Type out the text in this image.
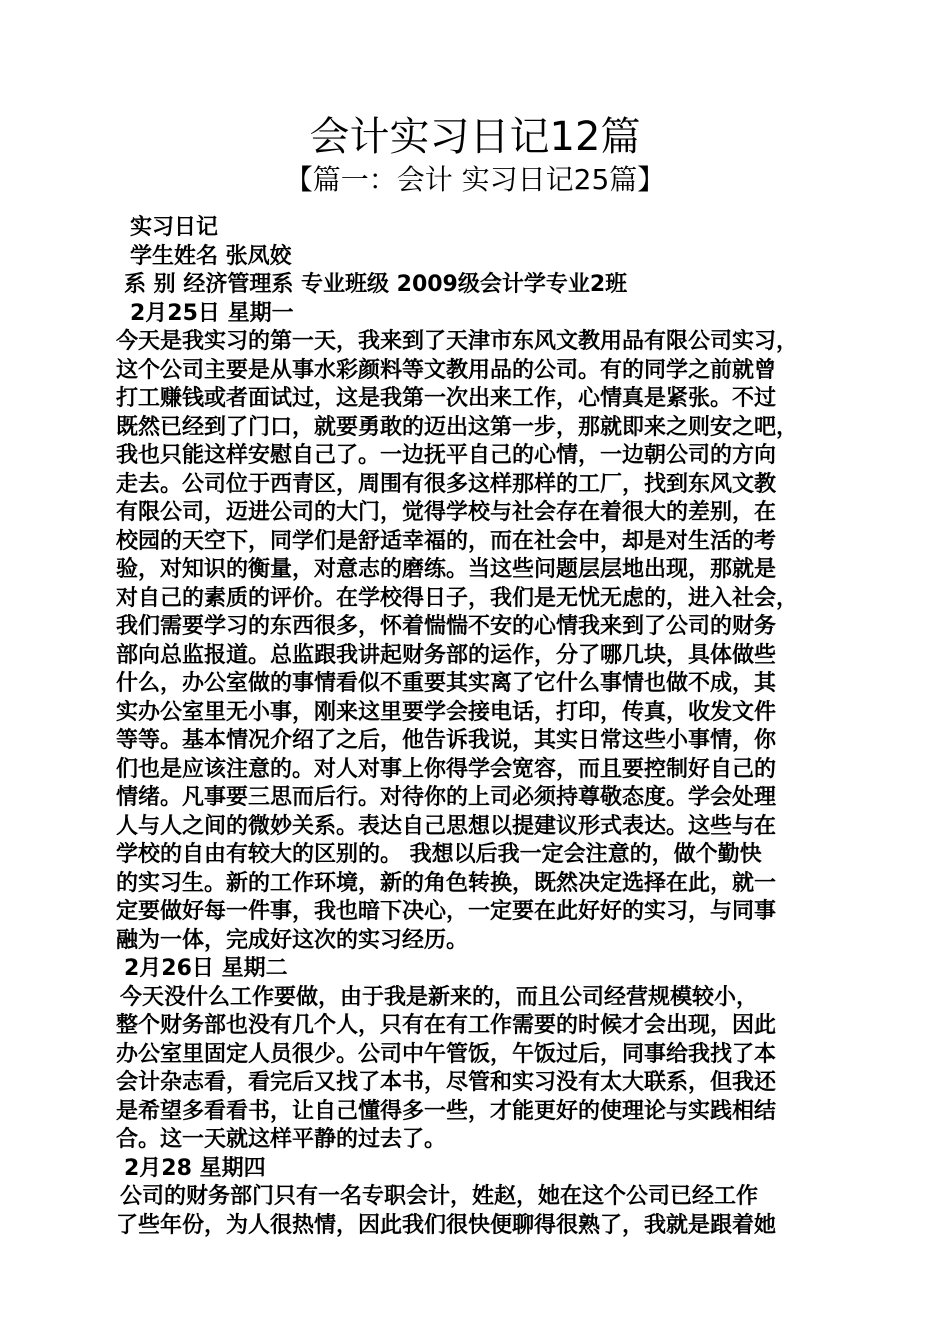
会计实习日记12篇
【篇一：会计 实习日记25篇】
实习日记
学生姓名 张凤姣
系 别 经济管理系 专业班级 2009级会计学专业2班
2月25日 星期一
今天是我实习的第一天，我来到了天津市东风文教用品有限公司实习，
这个公司主要是从事水彩颜料等文教用品的公司。有的同学之前就曾
打工赚钱或者面试过，这是我第一次出来工作，心情真是紧张。不过
既然已经到了门口，就要勇敢的迈出这第一步，那就即来之则安之吧，
我也只能这样安慰自己了。一边抚平自己的心情，一边朝公司的方向
走去。公司位于西青区，周围有很多这样那样的工厂，找到东风文教
有限公司，迈进公司的大门，觉得学校与社会存在着很大的差别，在
校园的天空下，同学们是舒适幸福的，而在社会中，却是对生活的考
验，对知识的衡量，对意志的磨练。当这些问题层层地出现，那就是
对自己的素质的评价。在学校得日子，我们是无忧无虑的，进入社会，
我们需要学习的东西很多，怀着惴惴不安的心情我来到了公司的财务
部向总监报道。总监跟我讲起财务部的运作，分了哪几块，具体做些
什么，办公室做的事情看似不重要其实离了它什么事情也做不成，其
实办公室里无小事，刚来这里要学会接电话，打印，传真，收发文件
等等。基本情况介绍了之后，他告诉我说，其实日常这些小事情，你
们也是应该注意的。对人对事上你得学会宽容，而且要控制好自己的
情绪。凡事要三思而后行。对待你的上司必须持尊敬态度。学会处理
人与人之间的微妙关系。表达自己思想以提建议形式表达。这些与在
学校的自由有较大的区别的。 我想以后我一定会注意的，做个勤快
的实习生。新的工作环境，新的角色转换，既然决定选择在此，就一
定要做好每一件事，我也暗下决心，一定要在此好好的实习，与同事
融为一体，完成好这次的实习经历。
2月26日 星期二
今天没什么工作要做，由于我是新来的，而且公司经营规模较小，
整个财务部也没有几个人，只有在有工作需要的时候才会出现，因此
办公室里固定人员很少。公司中午管饭，午饭过后，同事给我找了本
会计杂志看，看完后又找了本书，尽管和实习没有太大联系，但我还
是希望多看看书，让自己懂得多一些，才能更好的使理论与实践相结
合。这一天就这样平静的过去了。
2月28 星期四
公司的财务部门只有一名专职会计，姓赵，她在这个公司已经工作
了些年份，为人很热情，因此我们很快便聊得很熟了，我就是跟着她
